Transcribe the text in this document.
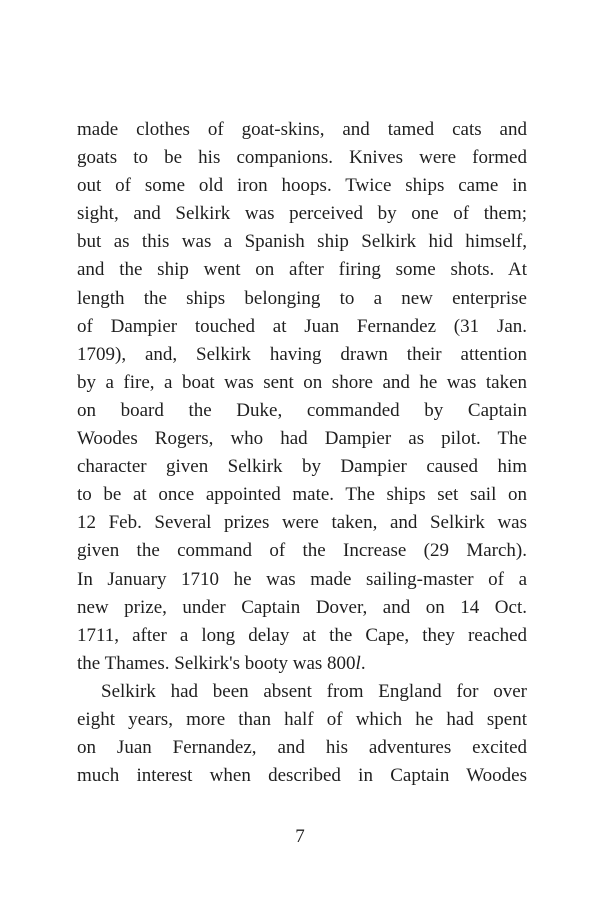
made clothes of goat-skins, and tamed cats and
goats to be his companions. Knives were formed
out of some old iron hoops. Twice ships came in
sight, and Selkirk was perceived by one of them;
but as this was a Spanish ship Selkirk hid himself,
and the ship went on after firing some shots. At
length the ships belonging to a new enterprise
of Dampier touched at Juan Fernandez (31 Jan.
1709), and, Selkirk having drawn their attention
by a fire, a boat was sent on shore and he was taken
on board the Duke, commanded by Captain
Woodes Rogers, who had Dampier as pilot. The
character given Selkirk by Dampier caused him
to be at once appointed mate. The ships set sail on
12 Feb. Several prizes were taken, and Selkirk was
given the command of the Increase (29 March).
In January 1710 he was made sailing-master of a
new prize, under Captain Dover, and on 14 Oct.
1711, after a long delay at the Cape, they reached
the Thames. Selkirk's booty was 800l.
Selkirk had been absent from England for over
eight years, more than half of which he had spent
on Juan Fernandez, and his adventures excited
much interest when described in Captain Woodes
7
